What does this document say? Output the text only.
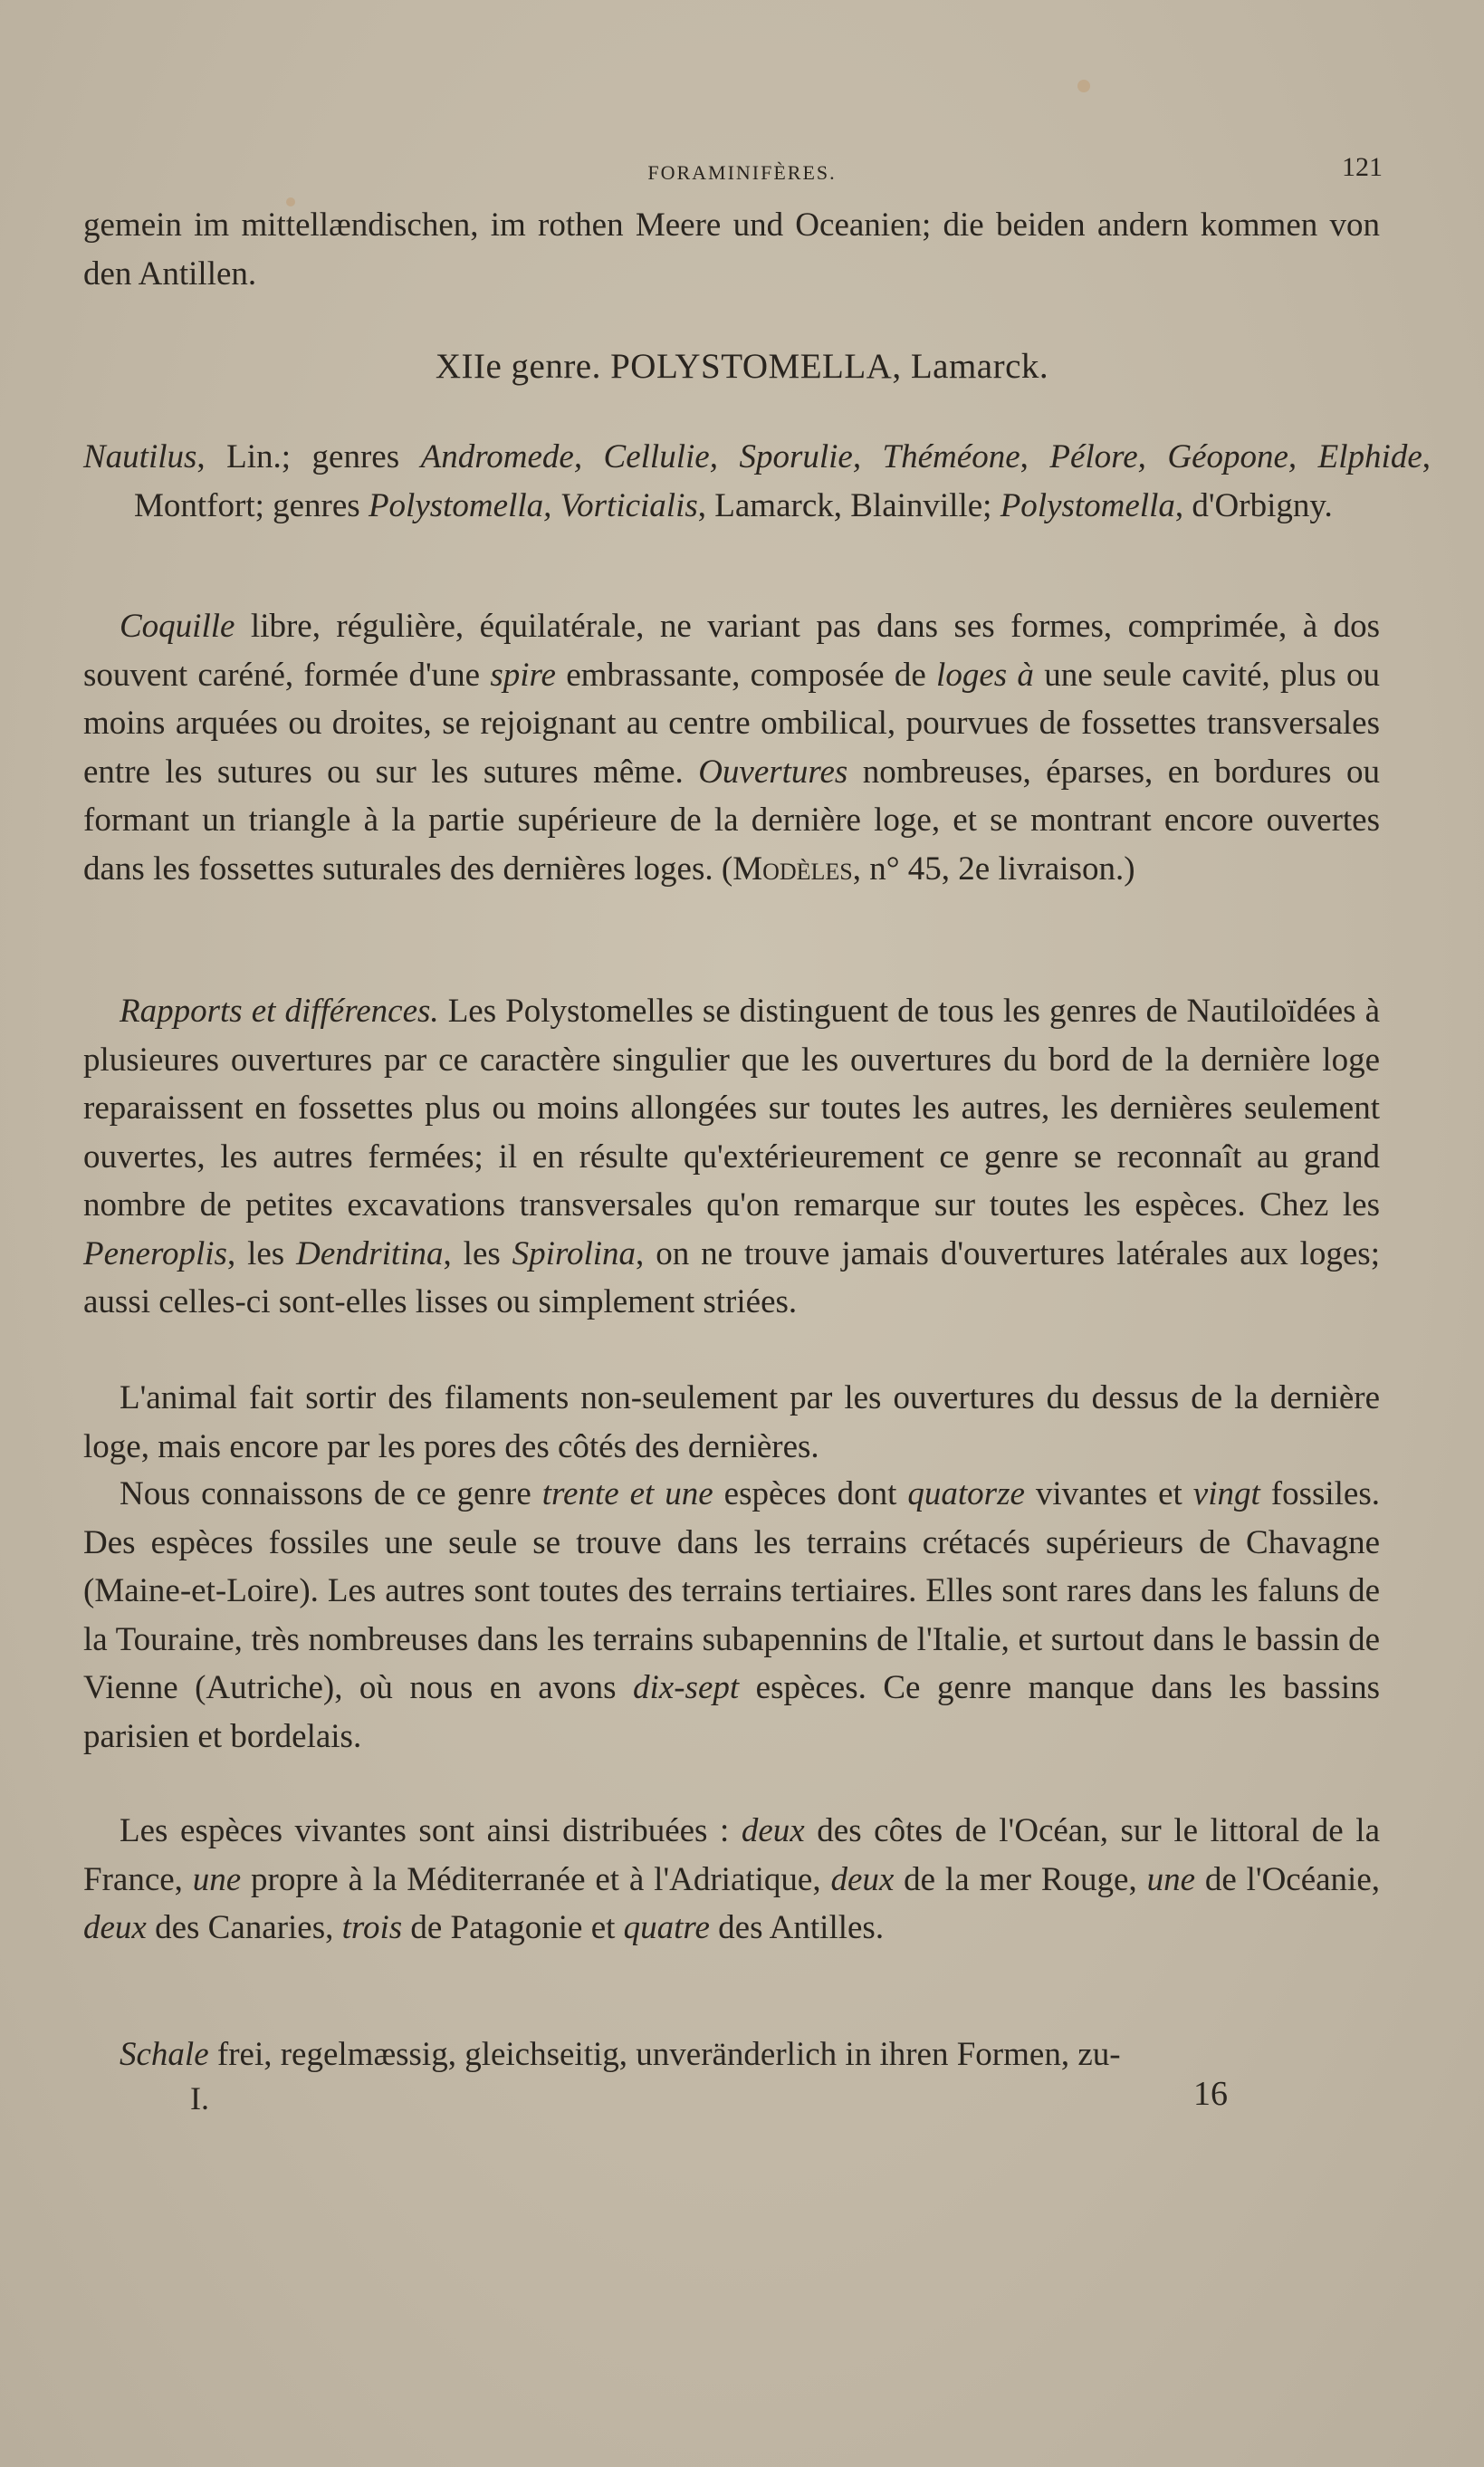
FORAMINIFÈRES.	121

gemein im mittellændischen, im rothen Meere und Oceanien; die beiden andern kommen von den Antillen.

XIIe genre. POLYSTOMELLA, Lamarck.

Nautilus, Lin.; genres Andromede, Cellulie, Sporulie, Théméone, Pélore, Géopone, Elphide, Montfort; genres Polystomella, Vorticialis, Lamarck, Blainville; Polystomella, d'Orbigny.

Coquille libre, régulière, équilatérale, ne variant pas dans ses formes, comprimée, à dos souvent caréné, formée d'une spire embrassante, composée de loges à une seule cavité, plus ou moins arquées ou droites, se rejoignant au centre ombilical, pourvues de fossettes transversales entre les sutures ou sur les sutures même. Ouvertures nombreuses, éparses, en bordures ou formant un triangle à la partie supérieure de la dernière loge, et se montrant encore ouvertes dans les fossettes suturales des dernières loges. (Modèles, n° 45, 2e livraison.)

Rapports et différences. Les Polystomelles se distinguent de tous les genres de Nautiloïdées à plusieures ouvertures par ce caractère singulier que les ouvertures du bord de la dernière loge reparaissent en fossettes plus ou moins allongées sur toutes les autres, les dernières seulement ouvertes, les autres fermées; il en résulte qu'extérieurement ce genre se reconnaît au grand nombre de petites excavations transversales qu'on remarque sur toutes les espèces. Chez les Peneroplis, les Dendritina, les Spirolina, on ne trouve jamais d'ouvertures latérales aux loges; aussi celles-ci sont-elles lisses ou simplement striées.

L'animal fait sortir des filaments non-seulement par les ouvertures du dessus de la dernière loge, mais encore par les pores des côtés des dernières.

Nous connaissons de ce genre trente et une espèces dont quatorze vivantes et vingt fossiles. Des espèces fossiles une seule se trouve dans les terrains crétacés supérieurs de Chavagne (Maine-et-Loire). Les autres sont toutes des terrains tertiaires. Elles sont rares dans les faluns de la Touraine, très nombreuses dans les terrains subapennins de l'Italie, et surtout dans le bassin de Vienne (Autriche), où nous en avons dix-sept espèces. Ce genre manque dans les bassins parisien et bordelais.

Les espèces vivantes sont ainsi distribuées : deux des côtes de l'Océan, sur le littoral de la France, une propre à la Méditerranée et à l'Adriatique, deux de la mer Rouge, une de l'Océanie, deux des Canaries, trois de Patagonie et quatre des Antilles.

Schale frei, regelmæssig, gleichseitig, unveränderlich in ihren Formen, zu-

I.	16
